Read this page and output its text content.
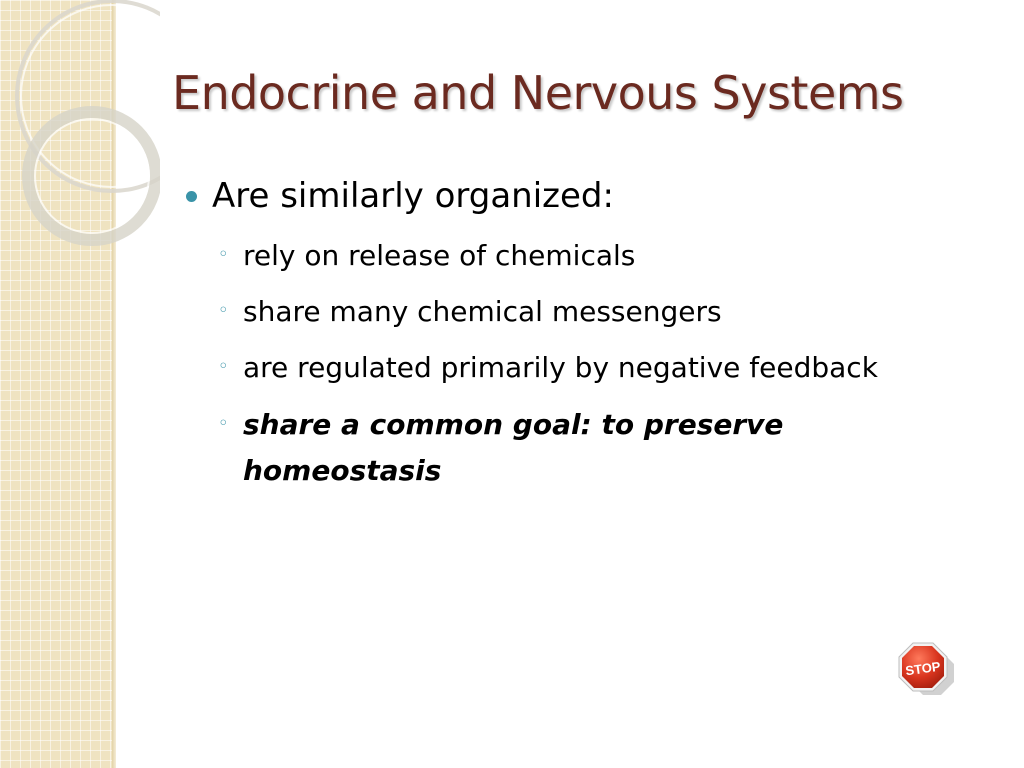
Endocrine and Nervous Systems
Are similarly organized:
◦ rely on release of chemicals
◦ share many chemical messengers
◦ are regulated primarily by negative feedback
◦ share a common goal: to preserve homeostasis
STOP
